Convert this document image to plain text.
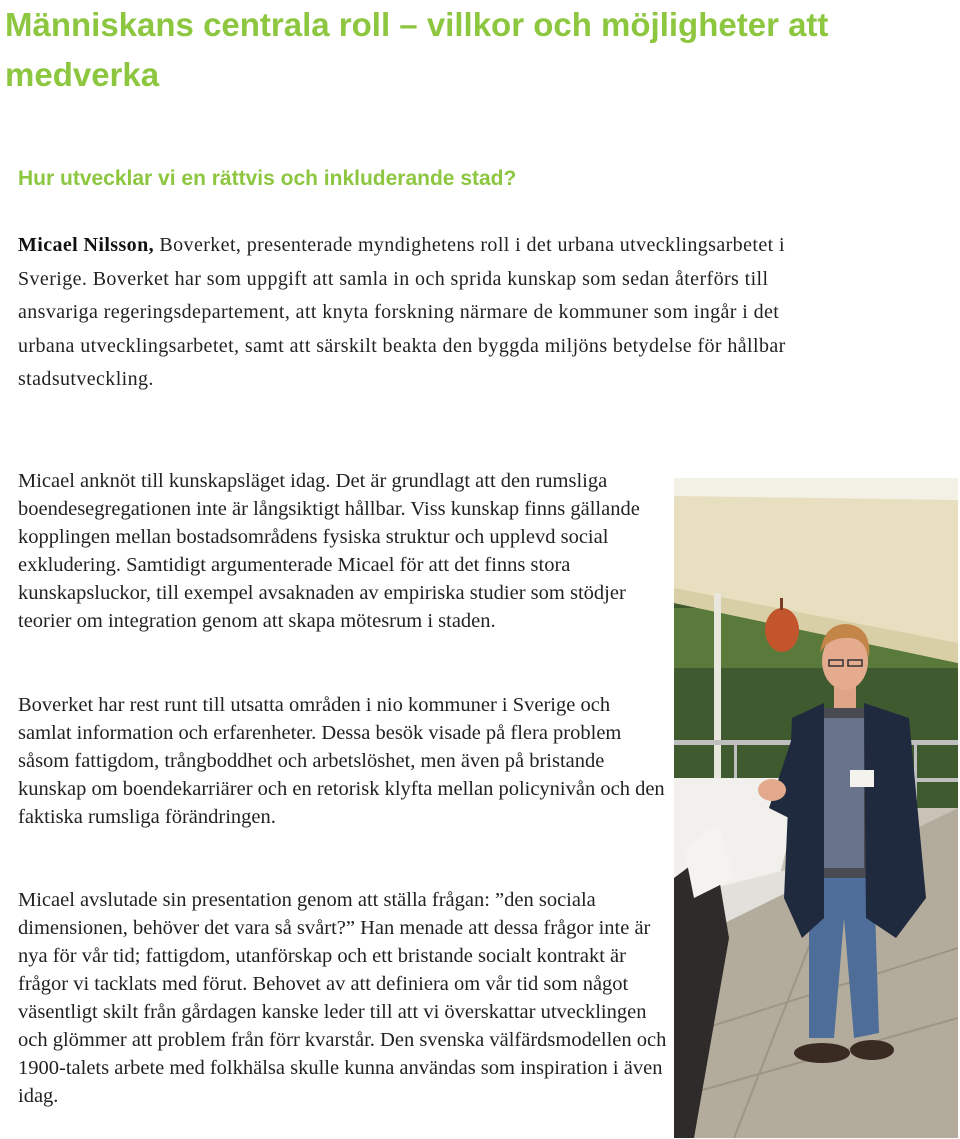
Människans centrala roll – villkor och möjligheter att medverka
Hur utvecklar vi en rättvis och inkluderande stad?

Micael Nilsson, Boverket, presenterade myndighetens roll i det urbana utvecklingsarbetet i Sverige. Boverket har som uppgift att samla in och sprida kunskap som sedan återförs till ansvariga regeringsdepartement, att knyta forskning närmare de kommuner som ingår i det urbana utvecklingsarbetet, samt att särskilt beakta den byggda miljöns betydelse för hållbar stadsutveckling.

Micael anknöt till kunskapsläget idag. Det är grundlagt att den rumsliga boendesegregationen inte är långsiktigt hållbar. Viss kunskap finns gällande kopplingen mellan bostadsområdens fysiska struktur och upplevd social exkludering. Samtidigt argumenterade Micael för att det finns stora kunskapsluckor, till exempel avsaknaden av empiriska studier som stödjer teorier om integration genom att skapa mötesrum i staden.

Boverket har rest runt till utsatta områden i nio kommuner i Sverige och samlat information och erfarenheter. Dessa besök visade på flera problem såsom fattigdom, trångboddhet och arbetslöshet, men även på bristande kunskap om boendekarriärer och en retorisk klyfta mellan policynivån och den faktiska rumsliga förändringen.

Micael avslutade sin presentation genom att ställa frågan: ”den sociala dimensionen, behöver det vara så svårt?” Han menade att dessa frågor inte är nya för vår tid; fattigdom, utanförskap och ett bristande socialt kontrakt är frågor vi tacklats med förut. Behovet av att definiera om vår tid som något väsentligt skilt från gårdagen kanske leder till att vi överskattar utvecklingen och glömmer att problem från förr kvarstår. Den svenska välfärdsmodellen och 1900-talets arbete med folkhälsa skulle kunna användas som inspiration i även idag.
